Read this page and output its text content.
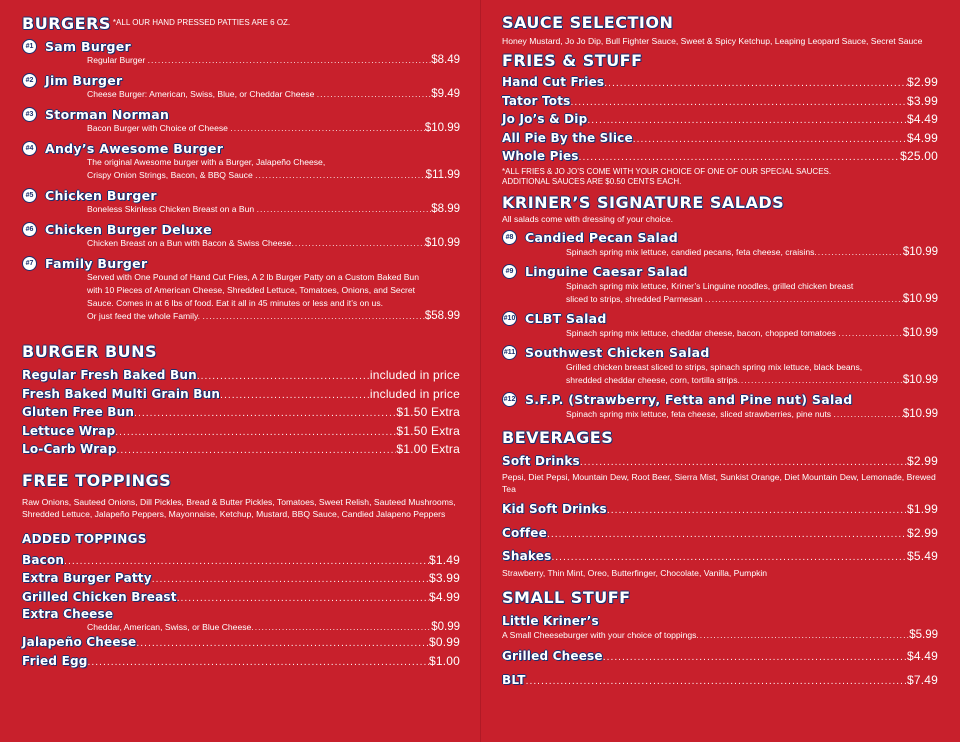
BURGERS $^{*ALL OUR HAND PRESSED PATTIES ARE 6 OZ.}$
#1 Sam Burger
Regular Burger .....	$8.49
#2 Jim Burger
Cheese Burger: American, Swiss, Blue, or Cheddar Cheese .....	$9.49
#3 Storman Norman
Bacon Burger with Choice of Cheese .....	$10.99
#4 Andy’s Awesome Burger
The original Awesome burger with a Burger, Jalapeño Cheese,
Crispy Onion Strings, Bacon, & BBQ Sauce .....	$11.99
#5 Chicken Burger
Boneless Skinless Chicken Breast on a Bun .....	$8.99
#6 Chicken Burger Deluxe
Chicken Breast on a Bun with Bacon & Swiss Cheese .....	$10.99
#7 Family Burger
Served with One Pound of Hand Cut Fries, A 2 lb Burger Patty on a Custom Baked Bun
with 10 Pieces of American Cheese, Shredded Lettuce, Tomatoes, Onions, and Secret
Sauce. Comes in at 6 lbs of food. Eat it all in 45 minutes or less and it’s on us.
Or just feed the whole Family. .....	$58.99
BURGER BUNS
Regular Fresh Baked Bun .....	included in price
Fresh Baked Multi Grain Bun .....	included in price
Gluten Free Bun .....	$1.50 Extra
Lettuce Wrap .....	$1.50 Extra
Lo-Carb Wrap .....	$1.00 Extra
FREE TOPPINGS
Raw Onions, Sauteed Onions, Dill Pickles, Bread & Butter Pickles, Tomatoes, Sweet Relish, Sauteed Mushrooms, Shredded Lettuce, Jalapeño Peppers, Mayonnaise, Ketchup, Mustard, BBQ Sauce, Candied Jalapeno Peppers
ADDED TOPPINGS
Bacon .....	$1.49
Extra Burger Patty .....	$3.99
Grilled Chicken Breast .....	$4.99
Extra Cheese
Cheddar, American, Swiss, or Blue Cheese .....	$0.99
Jalapeño Cheese .....	$0.99
Fried Egg .....	$1.00
SAUCE SELECTION
Honey Mustard, Jo Jo Dip, Bull Fighter Sauce, Sweet & Spicy Ketchup, Leaping Leopard Sauce, Secret Sauce
FRIES & STUFF
Hand Cut Fries .....	$2.99
Tator Tots .....	$3.99
Jo Jo’s & Dip .....	$4.49
All Pie By the Slice .....	$4.99
Whole Pies .....	$25.00
*ALL FRIES & JO JO’S COME WITH YOUR CHOICE OF ONE OF OUR SPECIAL SAUCES.
ADDITIONAL SAUCES ARE $0.50 CENTS EACH.
KRINER’S SIGNATURE SALADS
All salads come with dressing of your choice.
#8 Candied Pecan Salad
Spinach spring mix lettuce, candied pecans, feta cheese, craisins .....	$10.99
#9 Linguine Caesar Salad
Spinach spring mix lettuce, Kriner’s Linguine noodles, grilled chicken breast
sliced to strips, shredded Parmesan .....	$10.99
#10 CLBT Salad
Spinach spring mix lettuce, cheddar cheese, bacon, chopped tomatoes .....	$10.99
#11 Southwest Chicken Salad
Grilled chicken breast sliced to strips, spinach spring mix lettuce, black beans,
shredded cheddar cheese, corn, tortilla strips .....	$10.99
#12 S.F.P. (Strawberry, Fetta and Pine nut) Salad
Spinach spring mix lettuce, feta cheese, sliced strawberries, pine nuts .....	$10.99
BEVERAGES
Soft Drinks .....	$2.99
Pepsi, Diet Pepsi, Mountain Dew, Root Beer, Sierra Mist, Sunkist Orange, Diet Mountain Dew, Lemonade, Brewed Tea
Kid Soft Drinks .....	$1.99
Coffee .....	$2.99
Shakes .....	$5.49
Strawberry, Thin Mint, Oreo, Butterfinger, Chocolate, Vanilla, Pumpkin
SMALL STUFF
Little Kriner’s
A Small Cheeseburger with your choice of toppings .....	$5.99
Grilled Cheese .....	$4.49
BLT .....	$7.49
